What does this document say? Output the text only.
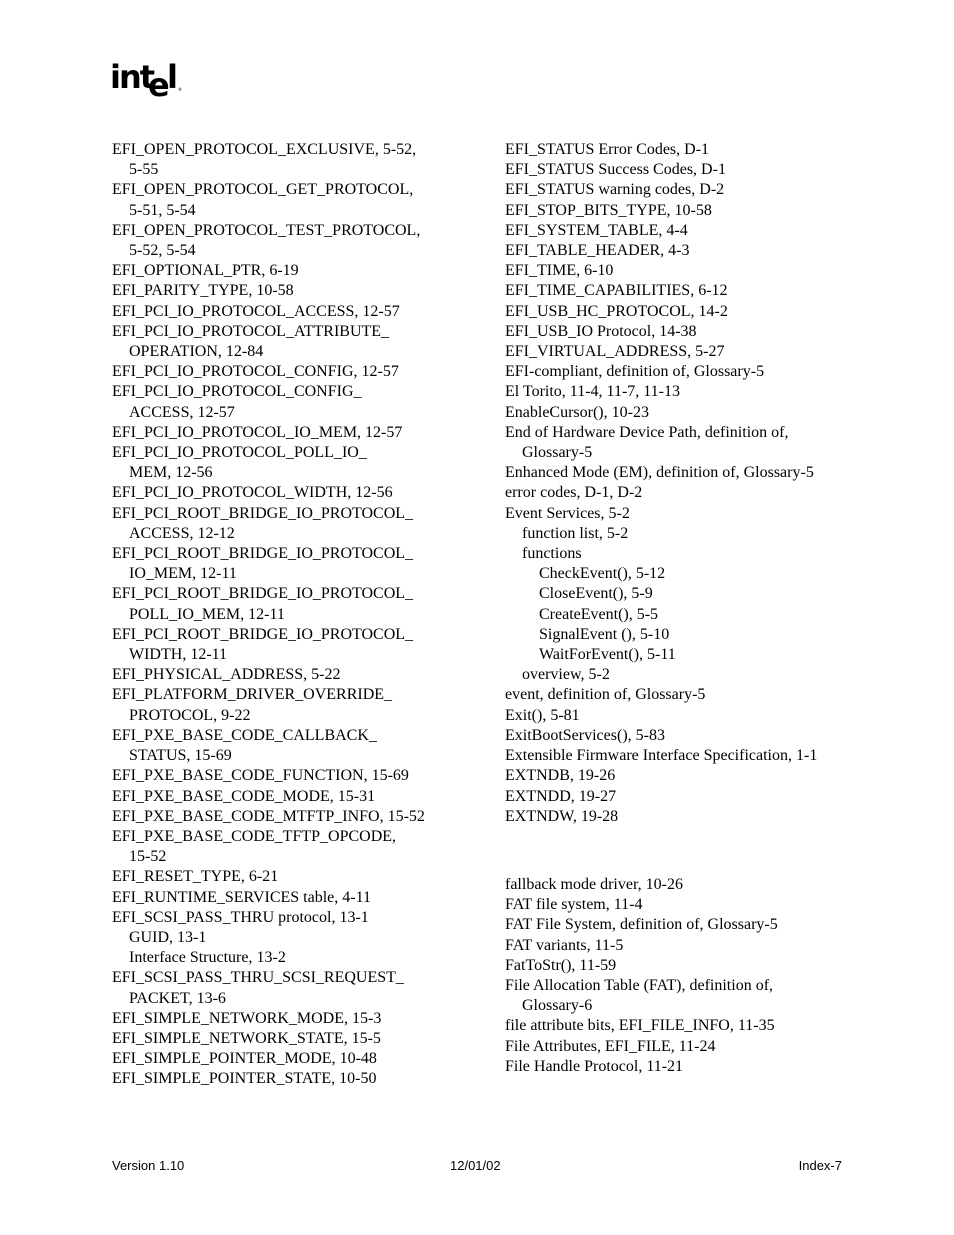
int
e l ®
EFI_OPEN_PROTOCOL_EXCLUSIVE, 5-52,
5-55
EFI_OPEN_PROTOCOL_GET_PROTOCOL,
5-51, 5-54
EFI_OPEN_PROTOCOL_TEST_PROTOCOL,
5-52, 5-54
EFI_OPTIONAL_PTR, 6-19
EFI_PARITY_TYPE, 10-58
EFI_PCI_IO_PROTOCOL_ACCESS, 12-57
EFI_PCI_IO_PROTOCOL_ATTRIBUTE_
OPERATION, 12-84
EFI_PCI_IO_PROTOCOL_CONFIG, 12-57
EFI_PCI_IO_PROTOCOL_CONFIG_
ACCESS, 12-57
EFI_PCI_IO_PROTOCOL_IO_MEM, 12-57
EFI_PCI_IO_PROTOCOL_POLL_IO_
MEM, 12-56
EFI_PCI_IO_PROTOCOL_WIDTH, 12-56
EFI_PCI_ROOT_BRIDGE_IO_PROTOCOL_
ACCESS, 12-12
EFI_PCI_ROOT_BRIDGE_IO_PROTOCOL_
IO_MEM, 12-11
EFI_PCI_ROOT_BRIDGE_IO_PROTOCOL_
POLL_IO_MEM, 12-11
EFI_PCI_ROOT_BRIDGE_IO_PROTOCOL_
WIDTH, 12-11
EFI_PHYSICAL_ADDRESS, 5-22
EFI_PLATFORM_DRIVER_OVERRIDE_
PROTOCOL, 9-22
EFI_PXE_BASE_CODE_CALLBACK_
STATUS, 15-69
EFI_PXE_BASE_CODE_FUNCTION, 15-69
EFI_PXE_BASE_CODE_MODE, 15-31
EFI_PXE_BASE_CODE_MTFTP_INFO, 15-52
EFI_PXE_BASE_CODE_TFTP_OPCODE,
15-52
EFI_RESET_TYPE, 6-21
EFI_RUNTIME_SERVICES table, 4-11
EFI_SCSI_PASS_THRU protocol, 13-1
GUID, 13-1
Interface Structure, 13-2
EFI_SCSI_PASS_THRU_SCSI_REQUEST_
PACKET, 13-6
EFI_SIMPLE_NETWORK_MODE, 15-3
EFI_SIMPLE_NETWORK_STATE, 15-5
EFI_SIMPLE_POINTER_MODE, 10-48
EFI_SIMPLE_POINTER_STATE, 10-50
EFI_STATUS Error Codes, D-1
EFI_STATUS Success Codes, D-1
EFI_STATUS warning codes, D-2
EFI_STOP_BITS_TYPE, 10-58
EFI_SYSTEM_TABLE, 4-4
EFI_TABLE_HEADER, 4-3
EFI_TIME, 6-10
EFI_TIME_CAPABILITIES, 6-12
EFI_USB_HC_PROTOCOL, 14-2
EFI_USB_IO Protocol, 14-38
EFI_VIRTUAL_ADDRESS, 5-27
EFI-compliant, definition of, Glossary-5
El Torito, 11-4, 11-7, 11-13
EnableCursor(), 10-23
End of Hardware Device Path, definition of,
Glossary-5
Enhanced Mode (EM), definition of, Glossary-5
error codes, D-1, D-2
Event Services, 5-2
function list, 5-2
functions
CheckEvent(), 5-12
CloseEvent(), 5-9
CreateEvent(), 5-5
SignalEvent (), 5-10
WaitForEvent(), 5-11
overview, 5-2
event, definition of, Glossary-5
Exit(), 5-81
ExitBootServices(), 5-83
Extensible Firmware Interface Specification, 1-1
EXTNDB, 19-26
EXTNDD, 19-27
EXTNDW, 19-28
fallback mode driver, 10-26
FAT file system, 11-4
FAT File System, definition of, Glossary-5
FAT variants, 11-5
FatToStr(), 11-59
File Allocation Table (FAT), definition of,
Glossary-6
file attribute bits, EFI_FILE_INFO, 11-35
File Attributes, EFI_FILE, 11-24
File Handle Protocol, 11-21
Version 1.10	12/01/02	Index-7
